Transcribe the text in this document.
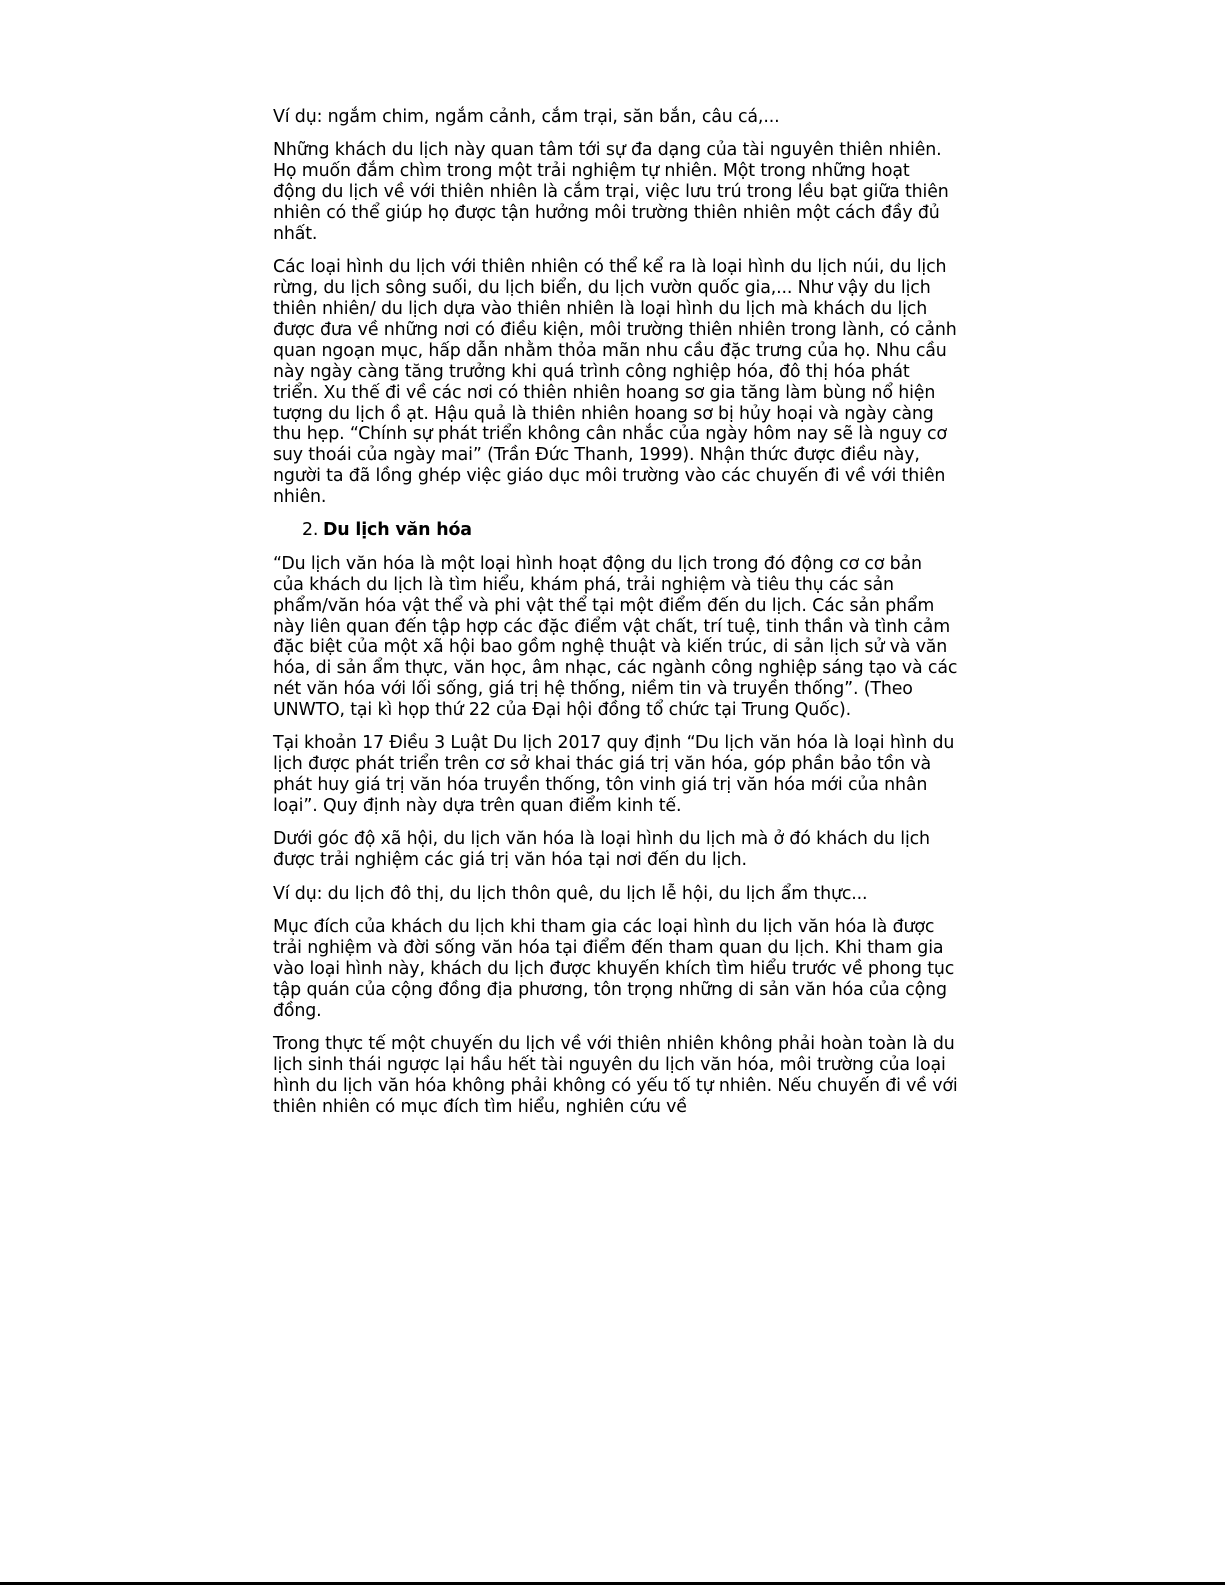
Ví dụ: ngắm chim, ngắm cảnh, cắm trại, săn bắn, câu cá,...

Những khách du lịch này quan tâm tới sự đa dạng của tài nguyên thiên nhiên. Họ muốn đắm chìm trong một trải nghiệm tự nhiên. Một trong những hoạt động du lịch về với thiên nhiên là cắm trại, việc lưu trú trong lều bạt giữa thiên nhiên có thể giúp họ được tận hưởng môi trường thiên nhiên một cách đầy đủ nhất.

Các loại hình du lịch với thiên nhiên có thể kể ra là loại hình du lịch núi, du lịch rừng, du lịch sông suối, du lịch biển, du lịch vườn quốc gia,... Như vậy du lịch thiên nhiên/ du lịch dựa vào thiên nhiên là loại hình du lịch mà khách du lịch được đưa về những nơi có điều kiện, môi trường thiên nhiên trong lành, có cảnh quan ngoạn mục, hấp dẫn nhằm thỏa mãn nhu cầu đặc trưng của họ. Nhu cầu này ngày càng tăng trưởng khi quá trình công nghiệp hóa, đô thị hóa phát triển. Xu thế đi về các nơi có thiên nhiên hoang sơ gia tăng làm bùng nổ hiện tượng du lịch ồ ạt. Hậu quả là thiên nhiên hoang sơ bị hủy hoại và ngày càng thu hẹp. “Chính sự phát triển không cân nhắc của ngày hôm nay sẽ là nguy cơ suy thoái của ngày mai” (Trần Đức Thanh, 1999). Nhận thức được điều này, người ta đã lồng ghép việc giáo dục môi trường vào các chuyến đi về với thiên nhiên.

2. Du lịch văn hóa

“Du lịch văn hóa là một loại hình hoạt động du lịch trong đó động cơ cơ bản của khách du lịch là tìm hiểu, khám phá, trải nghiệm và tiêu thụ các sản phẩm/văn hóa vật thể và phi vật thể tại một điểm đến du lịch. Các sản phẩm này liên quan đến tập hợp các đặc điểm vật chất, trí tuệ, tinh thần và tình cảm đặc biệt của một xã hội bao gồm nghệ thuật và kiến trúc, di sản lịch sử và văn hóa, di sản ẩm thực, văn học, âm nhạc, các ngành công nghiệp sáng tạo và các nét văn hóa với lối sống, giá trị hệ thống, niềm tin và truyền thống”. (Theo UNWTO, tại kì họp thứ 22 của Đại hội đồng tổ chức tại Trung Quốc).

Tại khoản 17 Điều 3 Luật Du lịch 2017 quy định “Du lịch văn hóa là loại hình du lịch được phát triển trên cơ sở khai thác giá trị văn hóa, góp phần bảo tồn và phát huy giá trị văn hóa truyền thống, tôn vinh giá trị văn hóa mới của nhân loại”. Quy định này dựa trên quan điểm kinh tế.

Dưới góc độ xã hội, du lịch văn hóa là loại hình du lịch mà ở đó khách du lịch được trải nghiệm các giá trị văn hóa tại nơi đến du lịch.

Ví dụ: du lịch đô thị, du lịch thôn quê, du lịch lễ hội, du lịch ẩm thực...

Mục đích của khách du lịch khi tham gia các loại hình du lịch văn hóa là được trải nghiệm và đời sống văn hóa tại điểm đến tham quan du lịch. Khi tham gia vào loại hình này, khách du lịch được khuyến khích tìm hiểu trước về phong tục tập quán của cộng đồng địa phương, tôn trọng những di sản văn hóa của cộng đồng.

Trong thực tế một chuyến du lịch về với thiên nhiên không phải hoàn toàn là du lịch sinh thái ngược lại hầu hết tài nguyên du lịch văn hóa, môi trường của loại hình du lịch văn hóa không phải không có yếu tố tự nhiên. Nếu chuyến đi về với thiên nhiên có mục đích tìm hiểu, nghiên cứu về
